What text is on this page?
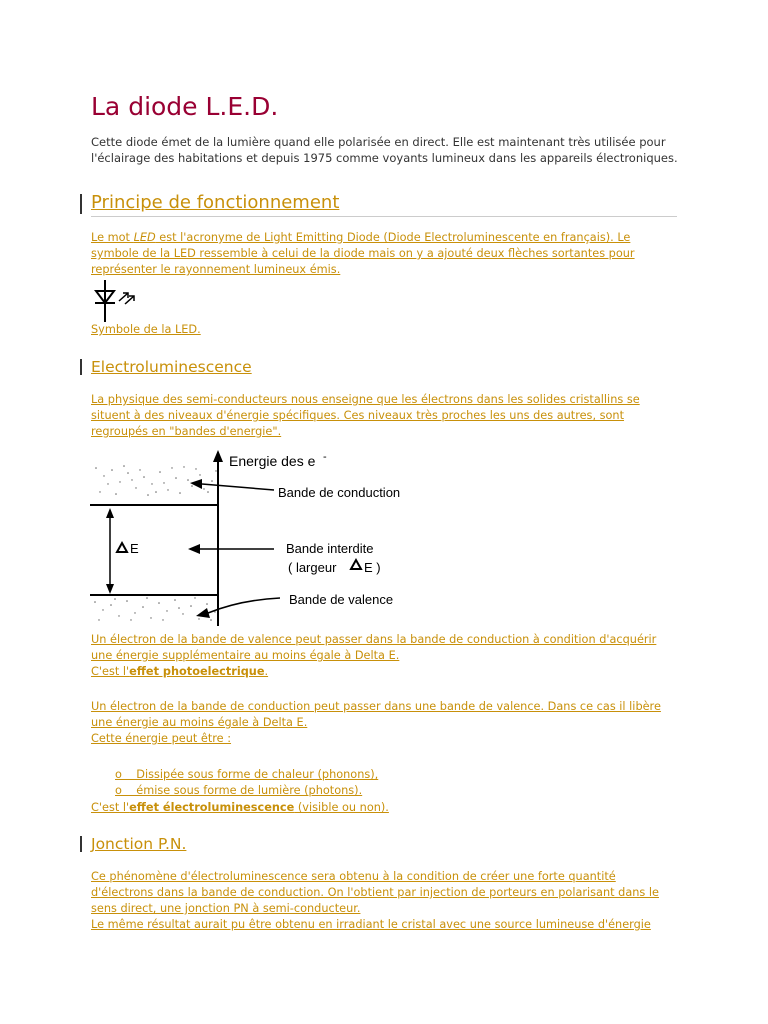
La diode L.E.D.
Cette diode émet de la lumière quand elle polarisée en direct. Elle est maintenant très utilisée pour l'éclairage des habitations et depuis 1975 comme voyants lumineux dans les appareils électroniques.
Principe de fonctionnement
Le mot LED est l'acronyme de Light Emitting Diode (Diode Electroluminescente en français). Le symbole de la LED ressemble à celui de la diode mais on y a ajouté deux flèches sortantes pour représenter le rayonnement lumineux émis.
Symbole de la LED.
Electroluminescence
La physique des semi-conducteurs nous enseigne que les électrons dans les solides cristallins se situent à des niveaux d'énergie spécifiques. Ces niveaux très proches les uns des autres, sont regroupés en "bandes d'energie".
Energie des e -
E
Bande de conduction
Bande interdite
( largeur E )
Bande de valence
Un électron de la bande de valence peut passer dans la bande de conduction à condition d'acquérir une énergie supplémentaire au moins égale à Delta E.
C'est l'effet photoelectrique.
Un électron de la bande de conduction peut passer dans une bande de valence. Dans ce cas il libère une énergie au moins égale à Delta E.
Cette énergie peut être :
o    Dissipée sous forme de chaleur (phonons),
o    émise sous forme de lumière (photons).
C'est l'effet électroluminescence (visible ou non).
Jonction P.N.
Ce phénomène d'électroluminescence sera obtenu à la condition de créer une forte quantité d'électrons dans la bande de conduction. On l'obtient par injection de porteurs en polarisant dans le sens direct, une jonction PN à semi-conducteur.
Le même résultat aurait pu être obtenu en irradiant le cristal avec une source lumineuse d'énergie
